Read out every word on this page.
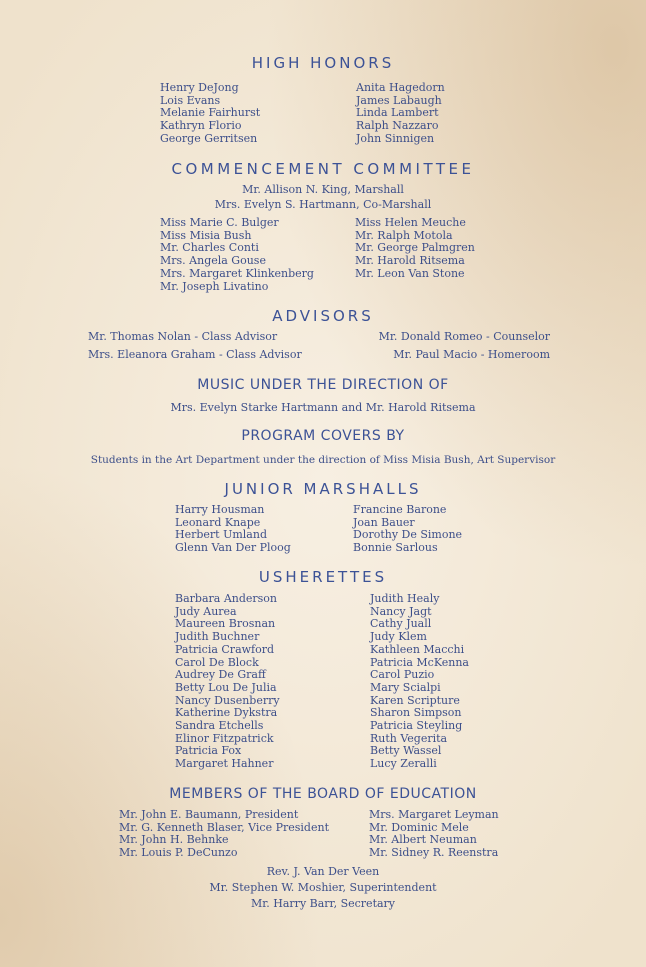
HIGH HONORS
Henry DeJong
Lois Evans
Melanie Fairhurst
Kathryn Florio
George Gerritsen
Anita Hagedorn
James Labaugh
Linda Lambert
Ralph Nazzaro
John Sinnigen
COMMENCEMENT COMMITTEE
Mr. Allison N. King, Marshall
Mrs. Evelyn S. Hartmann, Co-Marshall
Miss Marie C. Bulger
Miss Misia Bush
Mr. Charles Conti
Mrs. Angela Gouse
Mrs. Margaret Klinkenberg
Mr. Joseph Livatino
Miss Helen Meuche
Mr. Ralph Motola
Mr. George Palmgren
Mr. Harold Ritsema
Mr. Leon Van Stone
ADVISORS
Mr. Thomas Nolan - Class Advisor
Mrs. Eleanora Graham - Class Advisor
Mr. Donald Romeo - Counselor
Mr. Paul Macio - Homeroom
MUSIC UNDER THE DIRECTION OF
Mrs. Evelyn Starke Hartmann and Mr. Harold Ritsema
PROGRAM COVERS BY
Students in the Art Department under the direction of Miss Misia Bush, Art Supervisor
JUNIOR MARSHALLS
Harry Housman
Leonard Knape
Herbert Umland
Glenn Van Der Ploog
Francine Barone
Joan Bauer
Dorothy De Simone
Bonnie Sarlous
USHERETTES
Barbara Anderson
Judy Aurea
Maureen Brosnan
Judith Buchner
Patricia Crawford
Carol De Block
Audrey De Graff
Betty Lou De Julia
Nancy Dusenberry
Katherine Dykstra
Sandra Etchells
Elinor Fitzpatrick
Patricia Fox
Margaret Hahner
Judith Healy
Nancy Jagt
Cathy Juall
Judy Klem
Kathleen Macchi
Patricia McKenna
Carol Puzio
Mary Scialpi
Karen Scripture
Sharon Simpson
Patricia Steyling
Ruth Vegerita
Betty Wassel
Lucy Zeralli
MEMBERS OF THE BOARD OF EDUCATION
Mr. John E. Baumann, President
Mr. G. Kenneth Blaser, Vice President
Mr. John H. Behnke
Mr. Louis P. DeCunzo
Mrs. Margaret Leyman
Mr. Dominic Mele
Mr. Albert Neuman
Mr. Sidney R. Reenstra
Rev. J. Van Der Veen
Mr. Stephen W. Moshier, Superintendent
Mr. Harry Barr, Secretary
